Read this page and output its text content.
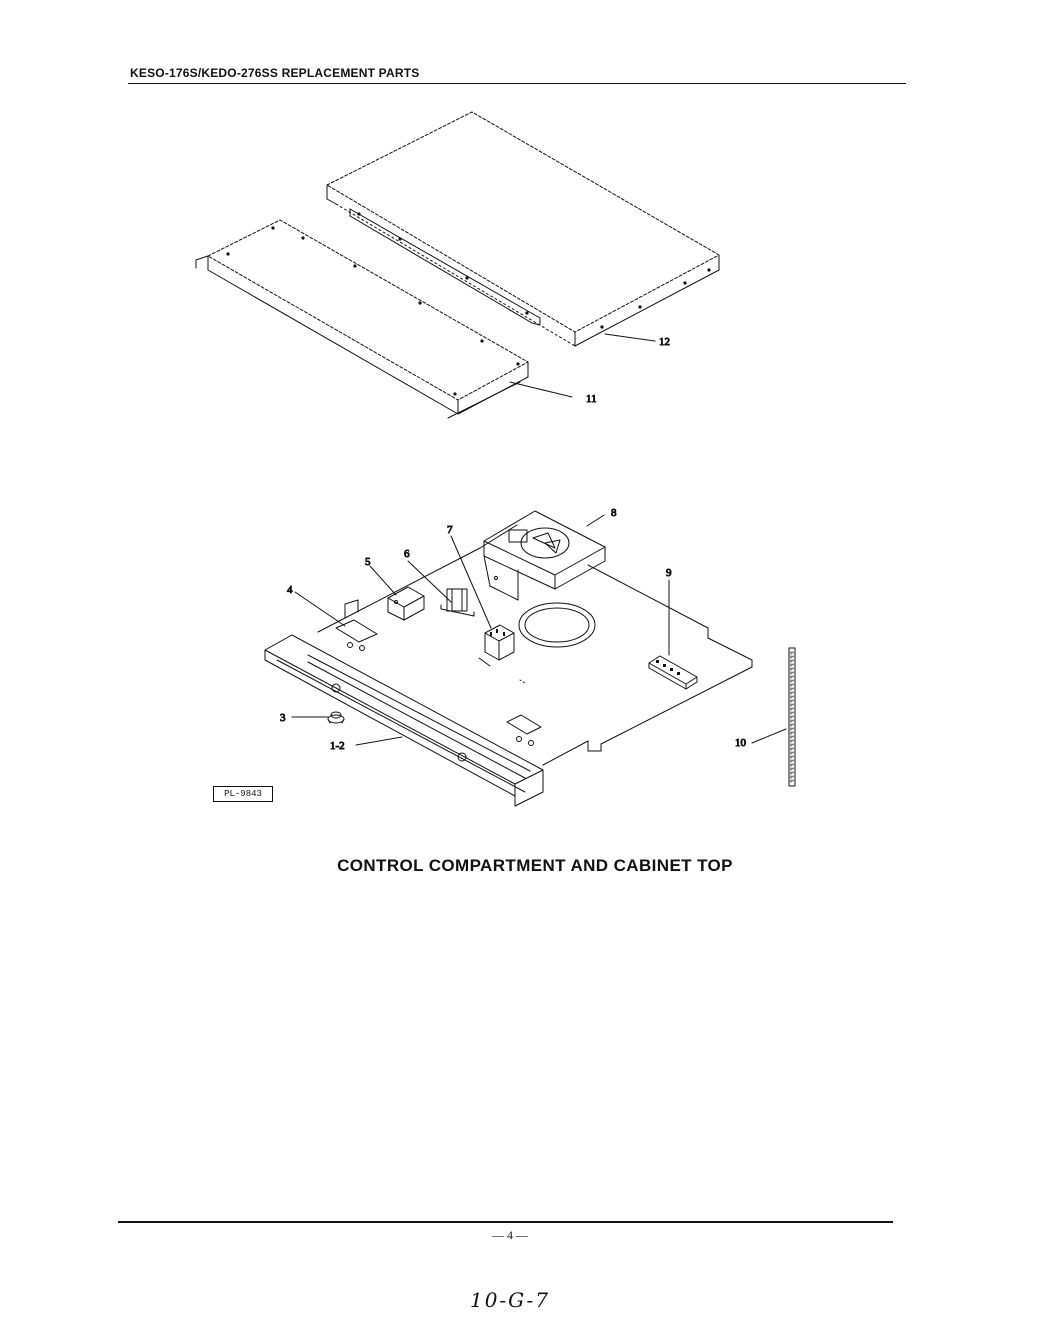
KESO-176S/KEDO-276SS REPLACEMENT PARTS
12
11
8
9
7
6
5
4
3
1-2	10
PL-9843
CONTROL COMPARTMENT AND CABINET TOP
— 4 —
10-G-7
